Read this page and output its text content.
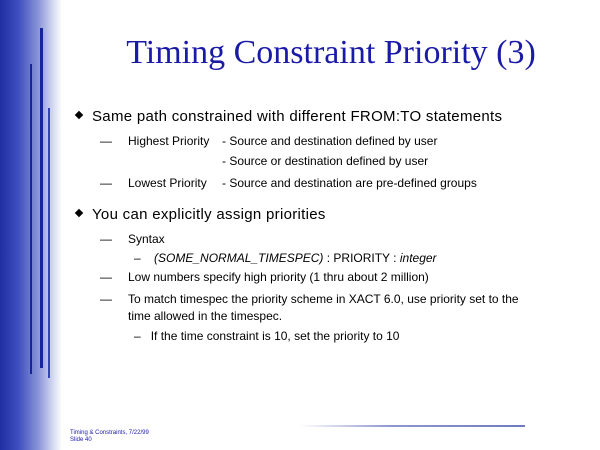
Timing Constraint Priority (3)
Same path constrained with different FROM:TO statements
— Highest Priority - Source and destination defined by user
- Source or destination defined by user
— Lowest Priority - Source and destination are pre-defined groups
You can explicitly assign priorities
— Syntax
– (SOME_NORMAL_TIMESPEC) : PRIORITY : integer
— Low numbers specify high priority (1 thru about 2 million)
— To match timespec the priority scheme in XACT 6.0, use priority set to the
time allowed in the timespec.
– If the time constraint is 10, set the priority to 10
Timing & Constraints, 7/22/99
Slide 40
